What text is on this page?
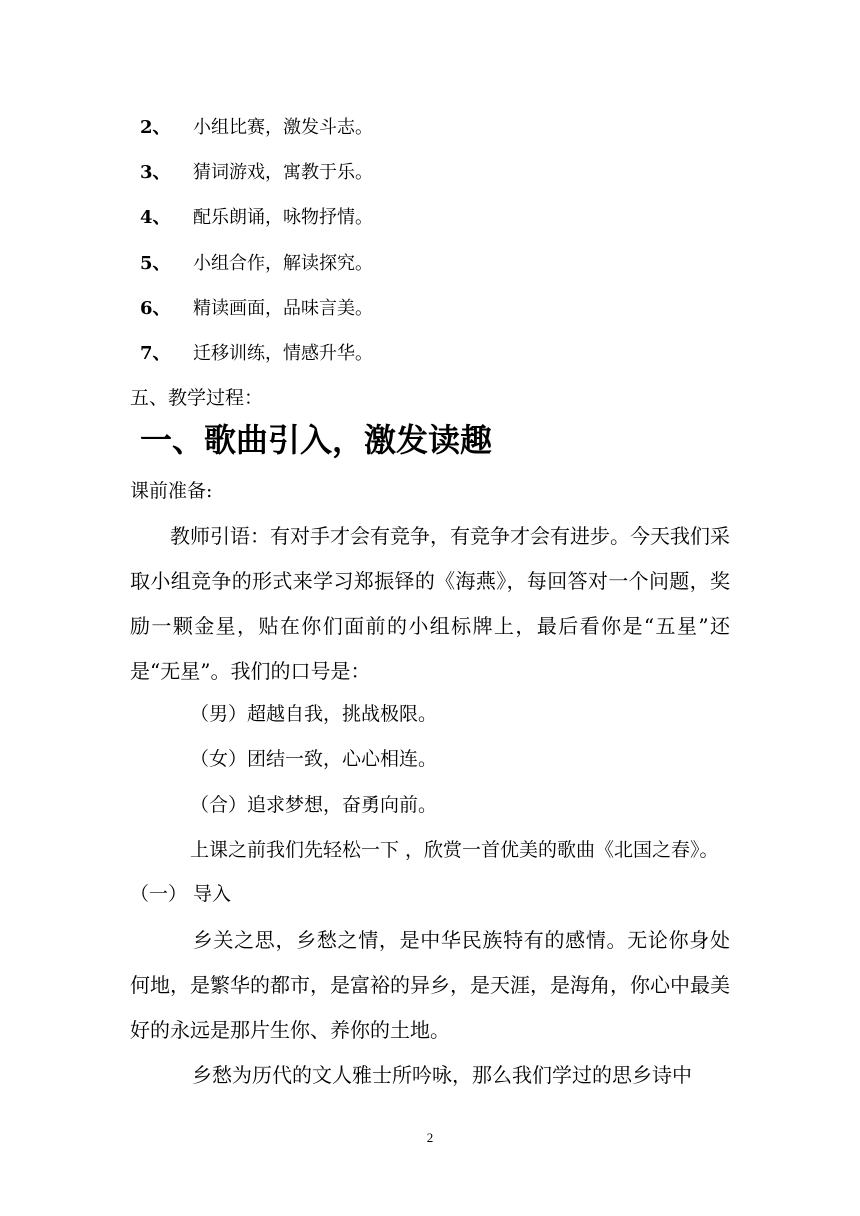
2、 小组比赛，激发斗志。
3、 猜词游戏，寓教于乐。
4、 配乐朗诵，咏物抒情。
5、 小组合作，解读探究。
6、 精读画面，品味言美。
7、 迁移训练，情感升华。
五、教学过程：
一、歌曲引入，激发读趣
课前准备:
教师引语：有对手才会有竞争，有竞争才会有进步。今天我们采取小组竞争的形式来学习郑振铎的《海燕》，每回答对一个问题，奖励一颗金星，贴在你们面前的小组标牌上，最后看你是“五星”还是“无星”。我们的口号是：
（男）超越自我，挑战极限。
（女）团结一致，心心相连。
（合）追求梦想，奋勇向前。
上课之前我们先轻松一下 ，欣赏一首优美的歌曲《北国之春》。
（一） 导入
乡关之思，乡愁之情，是中华民族特有的感情。无论你身处何地，是繁华的都市，是富裕的异乡，是天涯，是海角，你心中最美好的永远是那片生你、养你的土地。
乡愁为历代的文人雅士所吟咏，那么我们学过的思乡诗中
2
